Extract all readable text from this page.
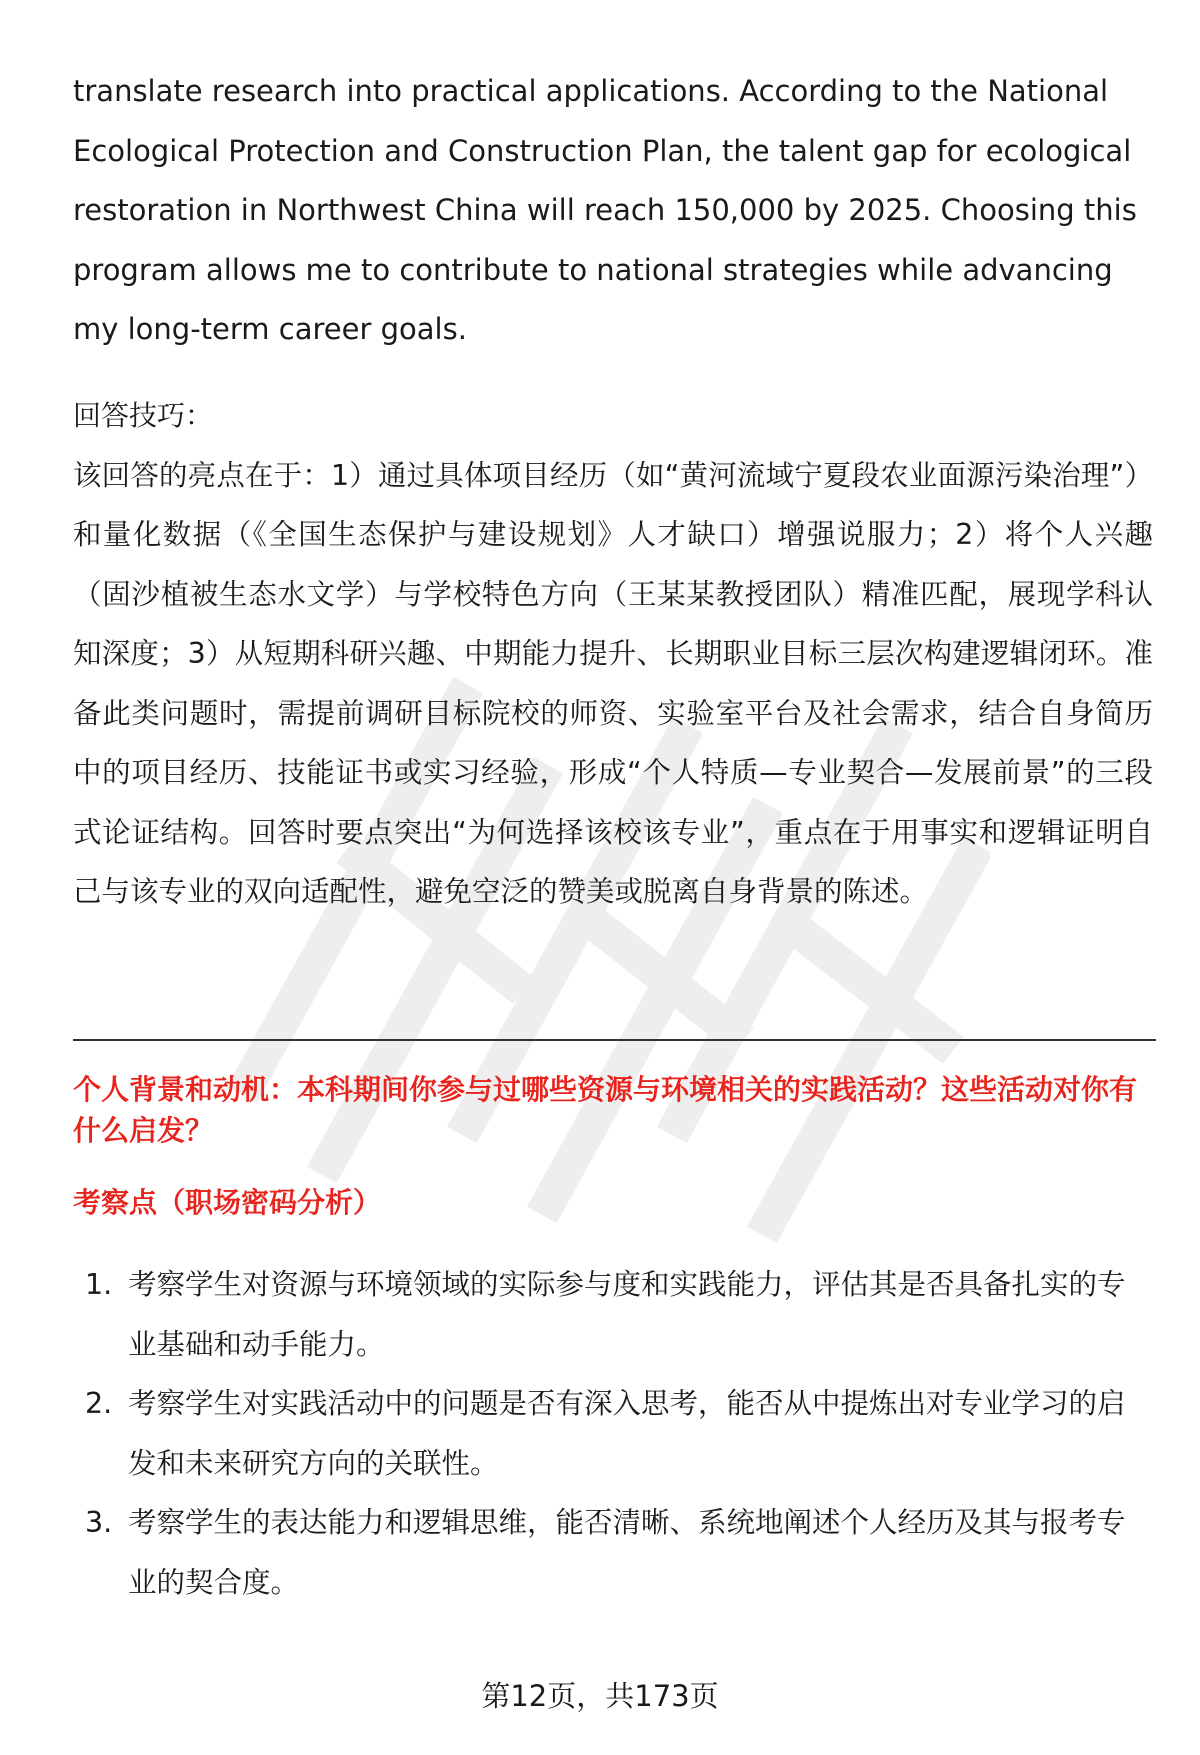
translate research into practical applications. According to the National Ecological Protection and Construction Plan, the talent gap for ecological restoration in Northwest China will reach 150,000 by 2025. Choosing this program allows me to contribute to national strategies while advancing my long-term career goals.

回答技巧：
该回答的亮点在于：1）通过具体项目经历（如“黄河流域宁夏段农业面源污染治理”）和量化数据（《全国生态保护与建设规划》人才缺口）增强说服力；2）将个人兴趣（固沙植被生态水文学）与学校特色方向（王某某教授团队）精准匹配，展现学科认知深度；3）从短期科研兴趣、中期能力提升、长期职业目标三层次构建逻辑闭环。准备此类问题时，需提前调研目标院校的师资、实验室平台及社会需求，结合自身简历中的项目经历、技能证书或实习经验，形成“个人特质—专业契合—发展前景”的三段式论证结构。回答时要点突出“为何选择该校该专业”，重点在于用事实和逻辑证明自己与该专业的双向适配性，避免空泛的赞美或脱离自身背景的陈述。
个人背景和动机：本科期间你参与过哪些资源与环境相关的实践活动？这些活动对你有什么启发？
考察点（职场密码分析）
1. 考察学生对资源与环境领域的实际参与度和实践能力，评估其是否具备扎实的专业基础和动手能力。
2. 考察学生对实践活动中的问题是否有深入思考，能否从中提炼出对专业学习的启发和未来研究方向的关联性。
3. 考察学生的表达能力和逻辑思维，能否清晰、系统地阐述个人经历及其与报考专业的契合度。
第12页，共173页
